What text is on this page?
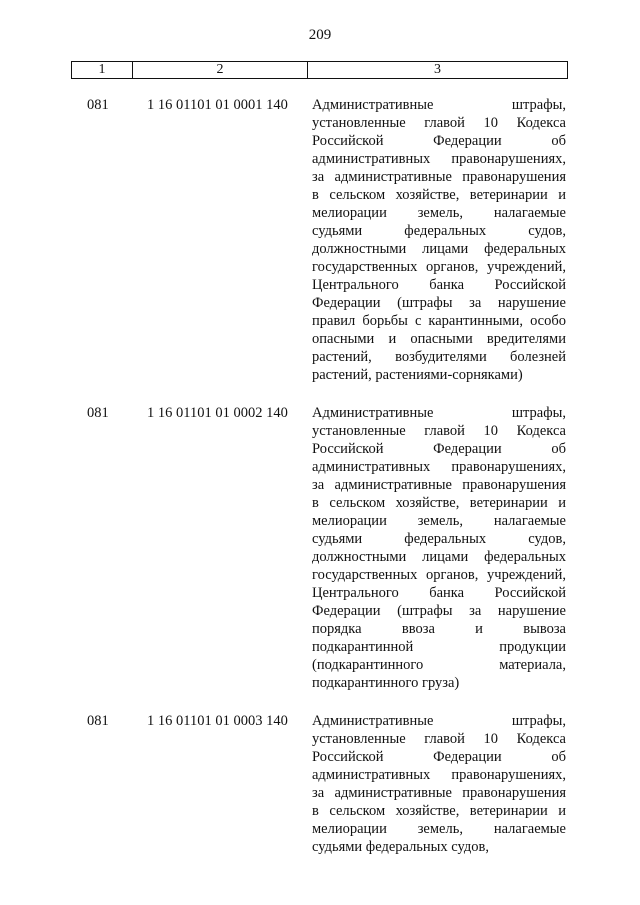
209
1	2	3
081	1 16 01101 01 0001 140 Административные штрафы,
установленные главой 10 Кодекса
Российской Федерации об
административных правонарушениях,
за административные правонарушения
в сельском хозяйстве, ветеринарии и
мелиорации земель, налагаемые
судьями федеральных судов,
должностными лицами федеральных
государственных органов, учреждений,
Центрального банка Российской
Федерации (штрафы за нарушение
правил борьбы с карантинными, особо
опасными и опасными вредителями
растений, возбудителями болезней
растений, растениями-сорняками)
081	1 16 01101 01 0002 140 Административные штрафы,
установленные главой 10 Кодекса
Российской Федерации об
административных правонарушениях,
за административные правонарушения
в сельском хозяйстве, ветеринарии и
мелиорации земель, налагаемые
судьями федеральных судов,
должностными лицами федеральных
государственных органов, учреждений,
Центрального банка Российской
Федерации (штрафы за нарушение
порядка ввоза и вывоза
подкарантинной продукции
(подкарантинного материала,
подкарантинного груза)
081	1 16 01101 01 0003 140 Административные штрафы,
установленные главой 10 Кодекса
Российской Федерации об
административных правонарушениях,
за административные правонарушения
в сельском хозяйстве, ветеринарии и
мелиорации земель, налагаемые
судьями федеральных судов,
